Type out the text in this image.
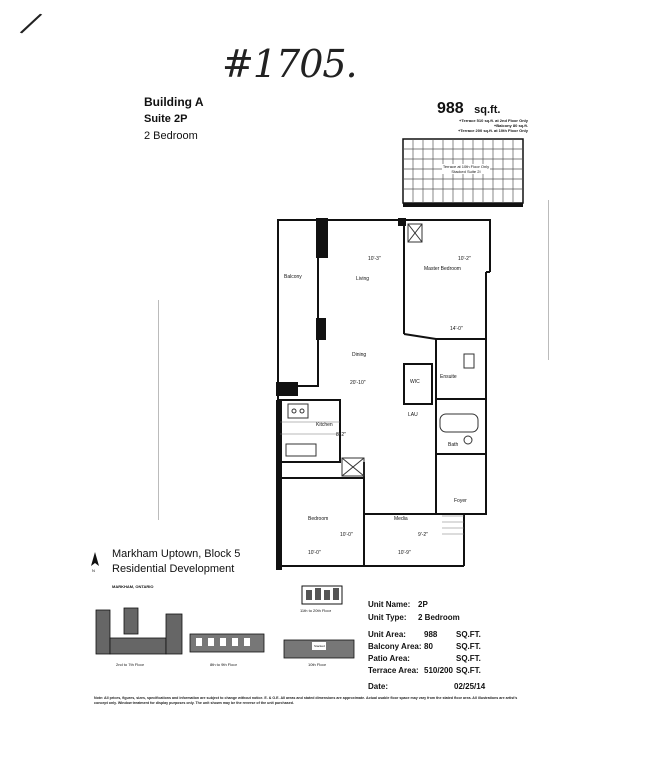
/
#1705.
Building A
Suite 2P
2 Bedroom
988 sq.ft.
+Terrace 510 sq.ft. at 2nd Floor Only
+Balcony 80 sq.ft.
+Terrace 200 sq.ft. at 10th Floor Only
Terrace at 10th Floor Only
Stacked Suite 2I
Balcony	Living
10'-3"
Master Bedroom
10'-2"
14'-0"
Dining
20'-10"	WIC
Ensuite
LAU
Kitchen
8'-2"
Bath
Foyer
Bedroom
10'-0"
10'-0"
Media
9'-2"
10'-9"
N
Markham Uptown, Block 5
Residential Development
MARKHAM, ONTARIO
11th to 20th Floor
2nd to 7th Floor	8th to 9th Floor
Stacked
10th Floor
Unit Name: 2P
Unit Type: 2 Bedroom
Unit Area: 988 SQ.FT.
Balcony Area: 80	SQ.FT.
Patio Area:	SQ.FT.
Terrace Area: 510/200 SQ.FT.
Date:	02/25/14
Note: All prices, figures, sizes, specifications and information are subject to change without notice. E. & O.E. All areas and stated dimensions are approximate. Actual usable floor space may vary from the stated floor area. All illustrations are artist's concept only. Window treatment for display purposes only. The unit shown may be the reverse of the unit purchased.
